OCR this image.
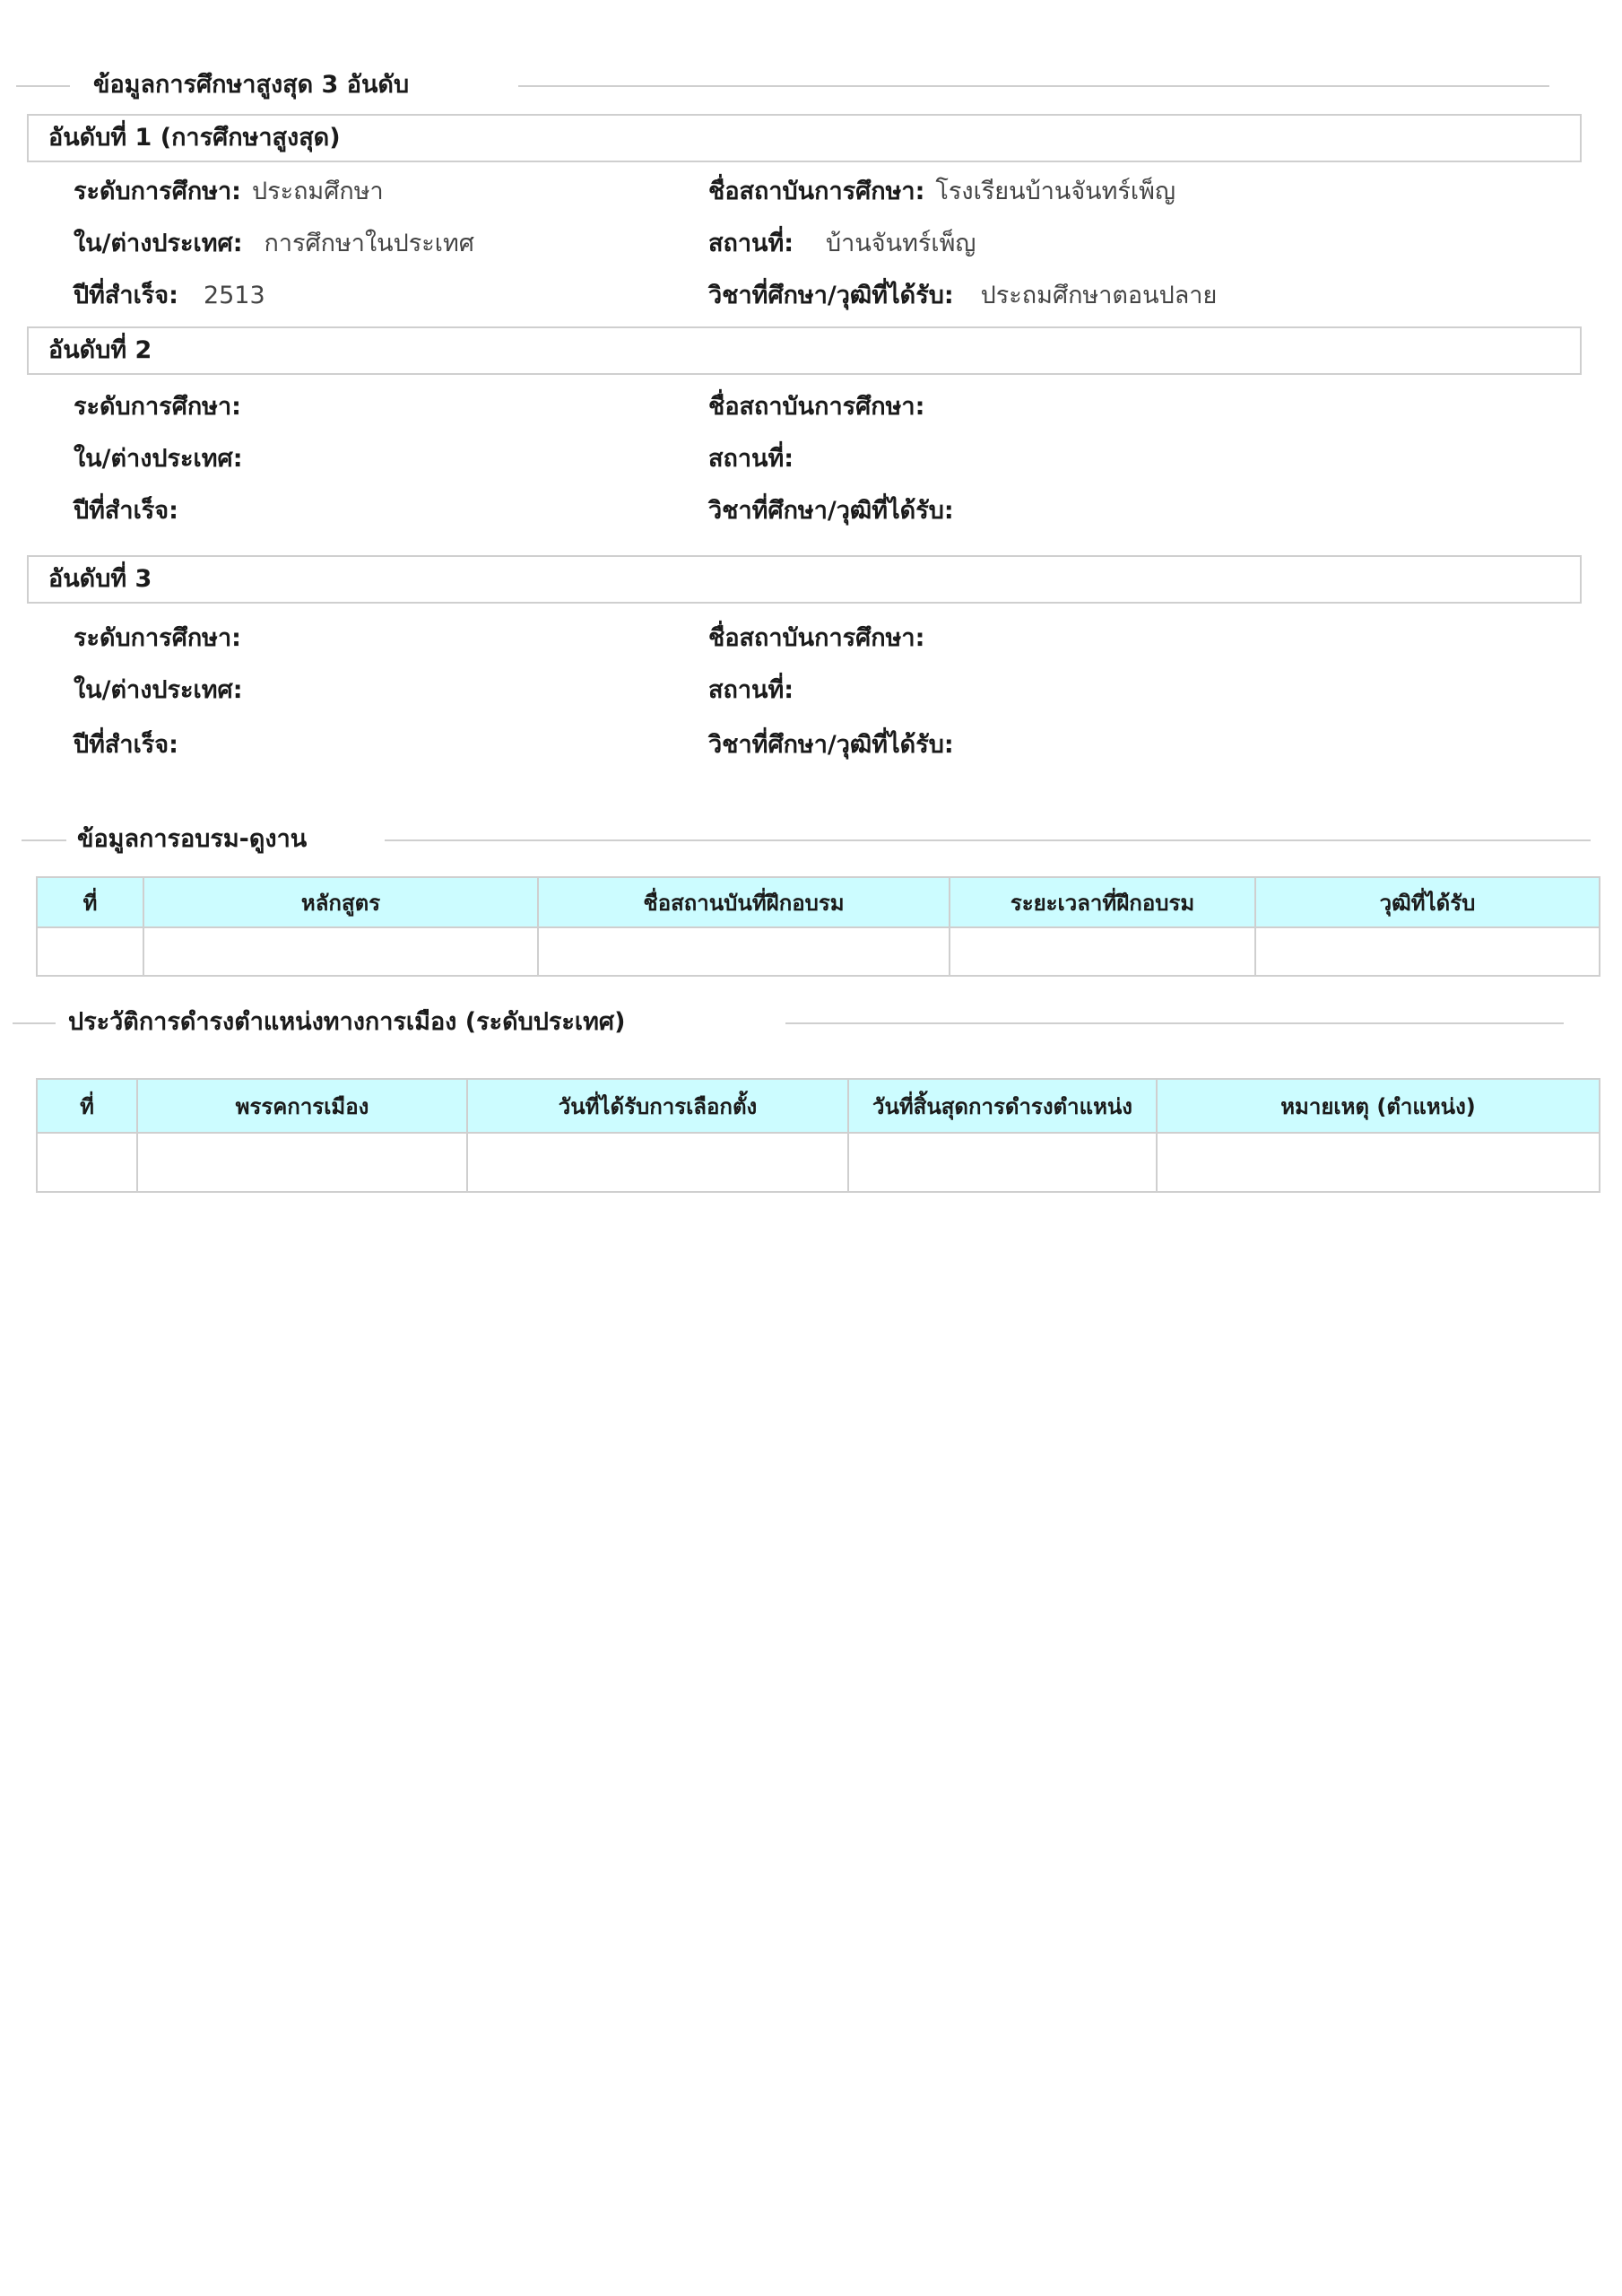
ข้อมูลการศึกษาสูงสุด 3 อันดับ
อันดับที่ 1 (การศึกษาสูงสุด)
ระดับการศึกษา: ประถมศึกษา
ใน/ต่างประเทศ: การศึกษาในประเทศ
ปีที่สำเร็จ: 2513
ชื่อสถาบันการศึกษา: โรงเรียนบ้านจันทร์เพ็ญ
สถานที่: บ้านจันทร์เพ็ญ
วิชาที่ศึกษา/วุฒิที่ได้รับ: ประถมศึกษาตอนปลาย
อันดับที่ 2
ระดับการศึกษา:
ใน/ต่างประเทศ:
ปีที่สำเร็จ:
ชื่อสถาบันการศึกษา:
สถานที่:
วิชาที่ศึกษา/วุฒิที่ได้รับ:
อันดับที่ 3
ระดับการศึกษา:
ใน/ต่างประเทศ:
ปีที่สำเร็จ:
ชื่อสถาบันการศึกษา:
สถานที่:
วิชาที่ศึกษา/วุฒิที่ได้รับ:
ข้อมูลการอบรม-ดูงาน
ที่	หลักสูตร	ชื่อสถานบันที่ฝึกอบรม	ระยะเวลาที่ฝึกอบรม	วุฒิที่ได้รับ

ประวัติการดำรงตำแหน่งทางการเมือง (ระดับประเทศ)
ที่	พรรคการเมือง	วันที่ได้รับการเลือกตั้ง	วันที่สิ้นสุดการดำรงตำแหน่ง	หมายเหตุ (ตำแหน่ง)
